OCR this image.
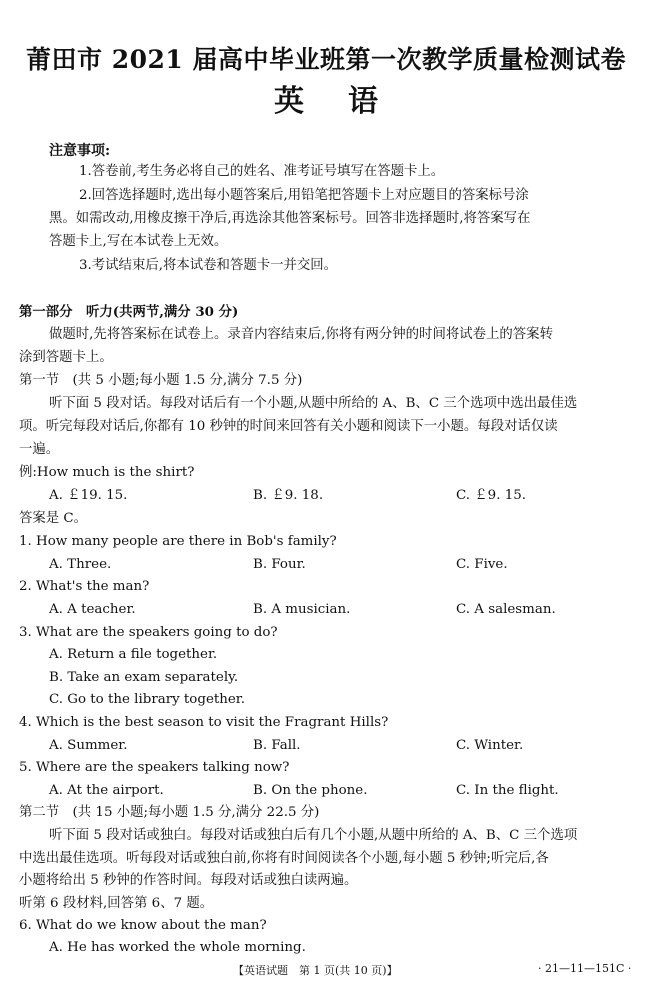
莆田市 2021 届高中毕业班第一次教学质量检测试卷
英语
注意事项:
1.答卷前,考生务必将自己的姓名、准考证号填写在答题卡上。
2.回答选择题时,选出每小题答案后,用铅笔把答题卡上对应题目的答案标号涂
黑。如需改动,用橡皮擦干净后,再选涂其他答案标号。回答非选择题时,将答案写在
答题卡上,写在本试卷上无效。
3.考试结束后,将本试卷和答题卡一并交回。
第一部分　听力(共两节,满分 30 分)
做题时,先将答案标在试卷上。录音内容结束后,你将有两分钟的时间将试卷上的答案转
涂到答题卡上。
第一节　(共 5 小题;每小题 1.5 分,满分 7.5 分)
听下面 5 段对话。每段对话后有一个小题,从题中所给的 A、B、C 三个选项中选出最佳选
项。听完每段对话后,你都有 10 秒钟的时间来回答有关小题和阅读下一小题。每段对话仅读
一遍。
例:How much is the shirt?
A. ￡19. 15.	B. ￡9. 18.	C. ￡9. 15.
答案是 C。
1. How many people are there in Bob's family?
A. Three.	B. Four.	C. Five.
2. What's the man?
A. A teacher.	B. A musician.	C. A salesman.
3. What are the speakers going to do?
A. Return a file together.
B. Take an exam separately.
C. Go to the library together.
4. Which is the best season to visit the Fragrant Hills?
A. Summer.	B. Fall.	C. Winter.
5. Where are the speakers talking now?
A. At the airport.	B. On the phone.	C. In the flight.
第二节　(共 15 小题;每小题 1.5 分,满分 22.5 分)
听下面 5 段对话或独白。每段对话或独白后有几个小题,从题中所给的 A、B、C 三个选项
中选出最佳选项。听每段对话或独白前,你将有时间阅读各个小题,每小题 5 秒钟;听完后,各
小题将给出 5 秒钟的作答时间。每段对话或独白读两遍。
听第 6 段材料,回答第 6、7 题。
6. What do we know about the man?
A. He has worked the whole morning.
【英语试题　第 1 页(共 10 页)】	· 21—11—151C ·
